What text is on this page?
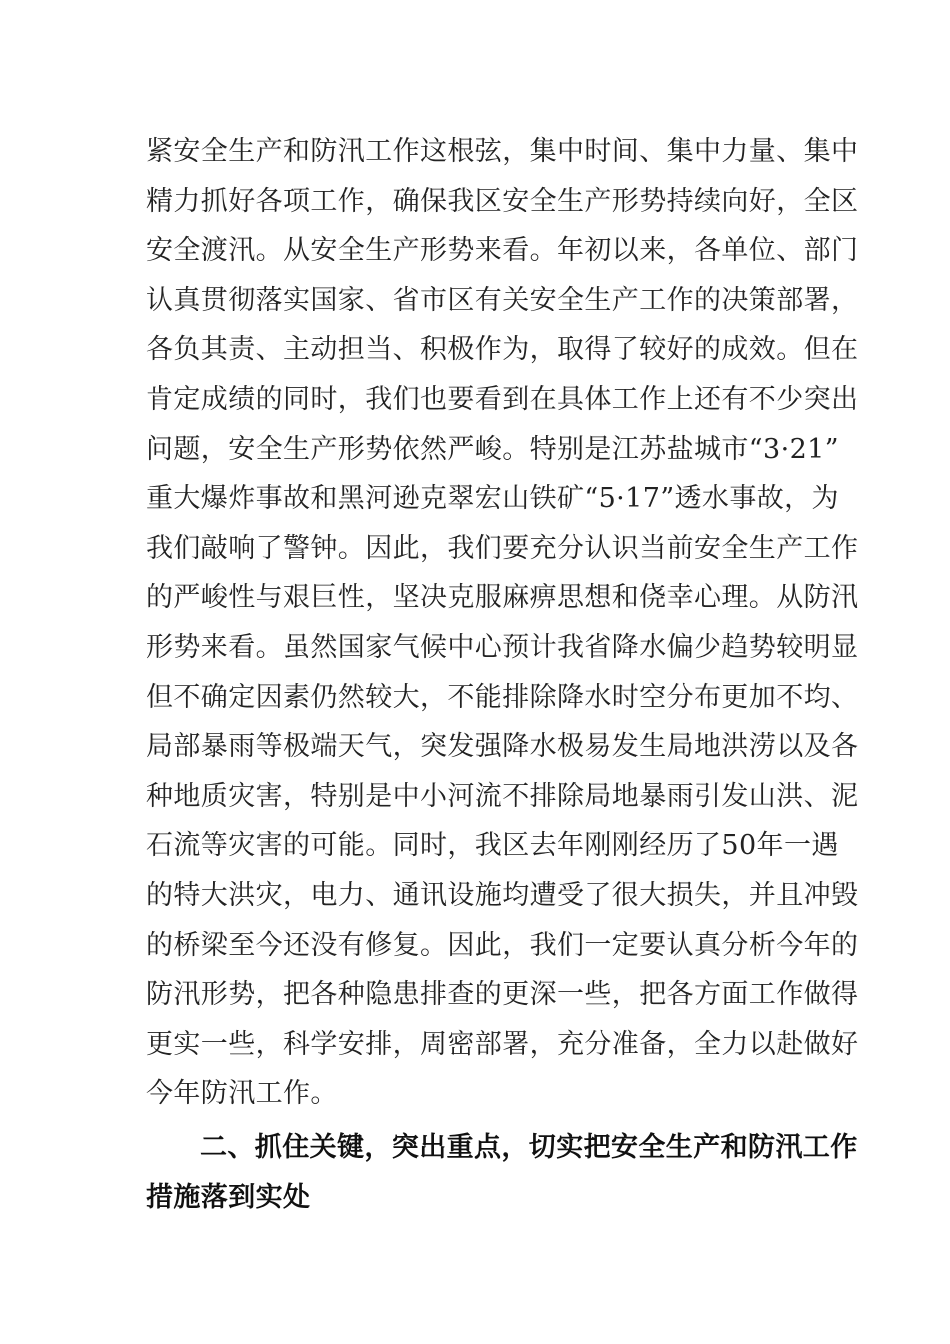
紧安全生产和防汛工作这根弦，集中时间、集中力量、集中
精力抓好各项工作，确保我区安全生产形势持续向好，全区
安全渡汛。从安全生产形势来看。年初以来，各单位、部门
认真贯彻落实国家、省市区有关安全生产工作的决策部署，
各负其责、主动担当、积极作为，取得了较好的成效。但在
肯定成绩的同时，我们也要看到在具体工作上还有不少突出
问题，安全生产形势依然严峻。特别是江苏盐城市“3·21”
重大爆炸事故和黑河逊克翠宏山铁矿“5·17”透水事故，为
我们敲响了警钟。因此，我们要充分认识当前安全生产工作
的严峻性与艰巨性，坚决克服麻痹思想和侥幸心理。从防汛
形势来看。虽然国家气候中心预计我省降水偏少趋势较明显
但不确定因素仍然较大，不能排除降水时空分布更加不均、
局部暴雨等极端天气，突发强降水极易发生局地洪涝以及各
种地质灾害，特别是中小河流不排除局地暴雨引发山洪、泥
石流等灾害的可能。同时，我区去年刚刚经历了50年一遇
的特大洪灾，电力、通讯设施均遭受了很大损失，并且冲毁
的桥梁至今还没有修复。因此，我们一定要认真分析今年的
防汛形势，把各种隐患排查的更深一些，把各方面工作做得
更实一些，科学安排，周密部署，充分准备，全力以赴做好
今年防汛工作。
二、抓住关键，突出重点，切实把安全生产和防汛工作
措施落到实处
